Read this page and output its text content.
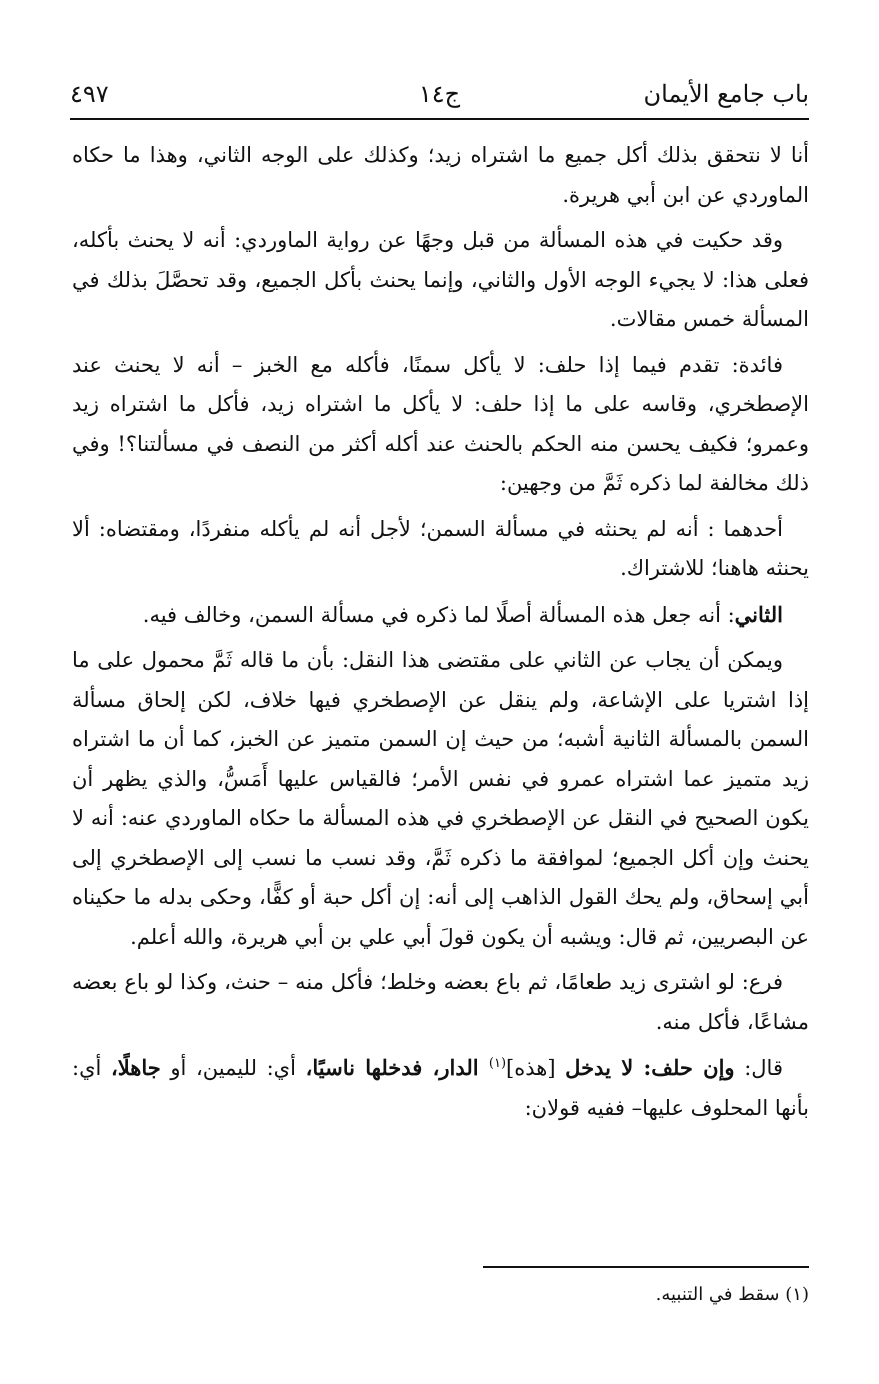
باب جامع الأيمان
ج١٤
٤٩٧

أنا لا نتحقق بذلك أكل جميع ما اشتراه زيد؛ وكذلك على الوجه الثاني، وهذا ما حكاه الماوردي عن ابن أبي هريرة.

وقد حكيت في هذه المسألة من قبل وجهًا عن رواية الماوردي: أنه لا يحنث بأكله، فعلى هذا: لا يجيء الوجه الأول والثاني، وإنما يحنث بأكل الجميع، وقد تحصَّلَ بذلك في المسألة خمس مقالات.

فائدة: تقدم فيما إذا حلف: لا يأكل سمنًا، فأكله مع الخبز – أنه لا يحنث عند الإصطخري، وقاسه على ما إذا حلف: لا يأكل ما اشتراه زيد، فأكل ما اشتراه زيد وعمرو؛ فكيف يحسن منه الحكم بالحنث عند أكله أكثر من النصف في مسألتنا؟! وفي ذلك مخالفة لما ذكره ثَمَّ من وجهين:

أحدهما : أنه لم يحنثه في مسألة السمن؛ لأجل أنه لم يأكله منفردًا، ومقتضاه: ألا يحنثه هاهنا؛ للاشتراك.

الثاني: أنه جعل هذه المسألة أصلًا لما ذكره في مسألة السمن، وخالف فيه.

ويمكن أن يجاب عن الثاني على مقتضى هذا النقل: بأن ما قاله ثَمَّ محمول على ما إذا اشتريا على الإشاعة، ولم ينقل عن الإصطخري فيها خلاف، لكن إلحاق مسألة السمن بالمسألة الثانية أشبه؛ من حيث إن السمن متميز عن الخبز، كما أن ما اشتراه زيد متميز عما اشتراه عمرو في نفس الأمر؛ فالقياس عليها أَمَسُّ، والذي يظهر أن يكون الصحيح في النقل عن الإصطخري في هذه المسألة ما حكاه الماوردي عنه: أنه لا يحنث وإن أكل الجميع؛ لموافقة ما ذكره ثَمَّ، وقد نسب ما نسب إلى الإصطخري إلى أبي إسحاق، ولم يحك القول الذاهب إلى أنه: إن أكل حبة أو كفًّا، وحكى بدله ما حكيناه عن البصريين، ثم قال: ويشبه أن يكون قولَ أبي علي بن أبي هريرة، والله أعلم.

فرع: لو اشترى زيد طعامًا، ثم باع بعضه وخلط؛ فأكل منه – حنث، وكذا لو باع بعضه مشاعًا، فأكل منه.

قال: وإن حلف: لا يدخل [هذه]$^{(١)}$ الدار، فدخلها ناسيًا، أي: لليمين، أو جاهلًا، أي: بأنها المحلوف عليها– ففيه قولان:

(١) سقط في التنبيه.
